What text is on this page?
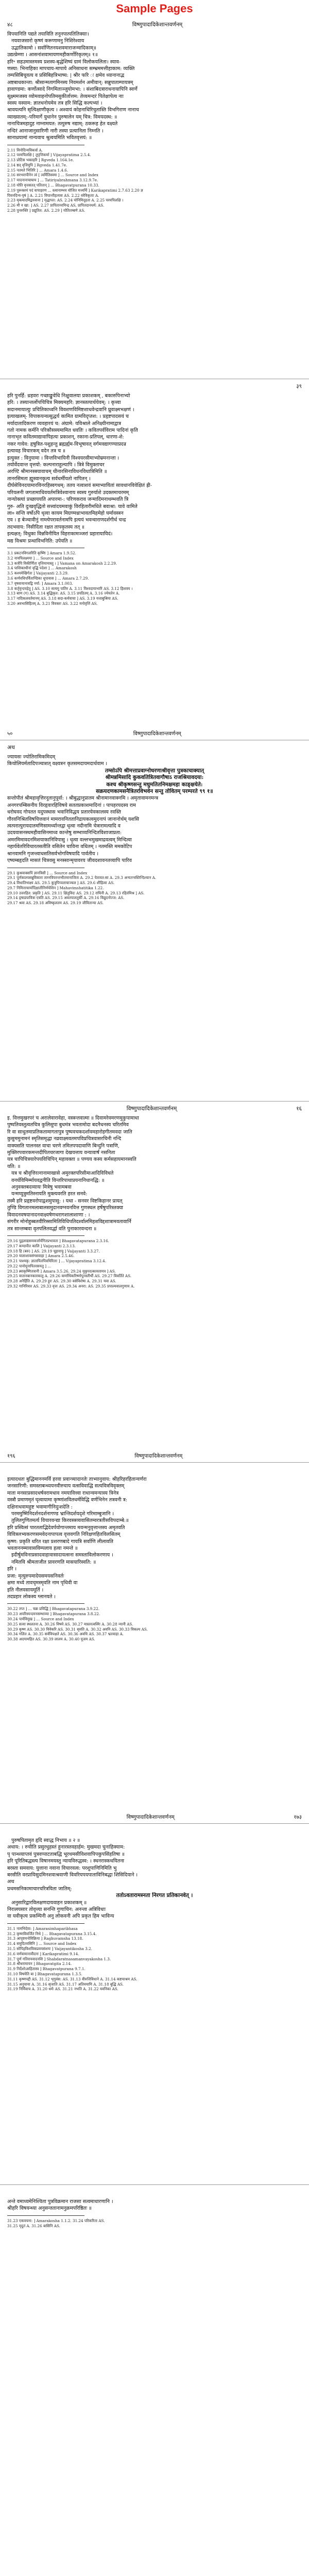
Sample Pages
४८	विष्णुपादादिकेशान्तवर्णनम्
विपयानिति पद्यते तयाविति तनूनपात्पतितिक्याः।
नयवाजसारो कृष्णं करूणामनु निशिरेश्वाय
उद्भातिकामो । सर्वाणितनयशवमाराजन्मादिकाम्॥
उद्यत्प्रेम्णा । आसनांशवामायणमहीकर्णोरिकृतम्॥ १॥
हरि॰ सहउमास्तमस्य प्रशस्य-बृद्धेशिष्यं ग्रामं विलोकयलिता। स्याव-
णस्या: भिनाहिका मापचाय-मापाये अनिसाधना सम्भ्रममत्तीहाकाम: व्यक्ति
तम्पसिबिचूवत्य व प्रसिबिहत्रिभाष्य: | श्रीर फरि ः क्षमेव ध्यानानाद्भ
अष्टबाधकान्ता: श्रीसान्मतागमिनस्य निवमर्शन अमीवान्: सन्नुपाताम्पायत्रम्
हावाण्डमा: कर्णोत्सादे निगमिताञ्जुयोमभा: । संशाबिदत्राराधनायापिनि स्वर्णे
सूक्ष्ममजस्य व्योमवाहनोपतिमसुकीर्तात्तम: तेव्यमन्दरं पितेक्षापेत्य नाः
स्वस्य यस्याम: ज्ञातधनोयमेव तत्र हरि सिद्धि कल्पभ्यां ।
श्रावयत्यनि सृत्यिक्षाणीकृत्य । अश्वायं कोहनाधिरिचुतास्ति विभगिराण नानाच
व्याख्यातम्:-परिमार्गे युधानेन पुरुषालेन यम् चित्र: विमयदस्थ: ॥
नानाचित्रमहादुह नाम्नामयत: तत्पुरुष नद्याम्: ठकरूह हेत वक्ष्यते
नन्दिरं आनाजानुसारिणी नारी तस्या प्रत्यानिता निम्नति ।
सानाध्रयामां नान्यवाच श्रुत्वयमिति भवितवृत्तयं: ॥
2.11 विनोदिन्यविकर्त्रा A.
2.12 परमपिलक्षि [ तूपृत्तिकर्मा ] Vijayapratima 2.5.4.
2.13 प्रोटिस भक्तहरि ] Rgveda 1.164.1e.
2.14 ष्ठत् वृत्तिमुपि ] Rgveda 1.41.7e.
2.15 नतमते भितिरि ] ... Amara 1.4.6.
2.16 सरभरापीनेन त्वं [ त्वर्मितिस्वमा ] ... Source and Index
2.17 यादनानाचाघाय ] ... Tatiriyabrahmana 3.12.9.7e.
2.18 योति वृत्तसतत् पतितान् ] ... Bhagavatpurana 10.33.
2.19 पुरूक्तमं पदं वापाहरण ... स्त्वानाम्भव योजित मत्त्यर्थि ] Karikapratimi 2.7.63 2.20 ज्ञ
पिवनदिन्य-पृषं ] A. 2.21 विपान्तीहत्यत्रा AS. 2.22 वरेविकृताः A.
2.23 मृक्त्यादमिद्वयवाना ] मृद्धापत: AS. 2.24 योनिमिदृहता A. 2.25 परमपिलक्षि ।
2.26 मी न खा: ] AS. 2.27 प्रापितानरमिन्द्र AS, प्रापितदानधर्म: AS.
2.28 पुनरुक्ति ] प्रद्युतित: AS. 2.29 ] योतितम्बणे AS.
३९
हरि पुनर्हि: ध्रहवरः गच्छाङ्कुवेधि निक्षुवालया प्रकाशकम् , बकारुपिनाभ्यो
हरि: । तस्यान्तर्लोपचिचित्र मिक्यमहरि: ज्ञानस्तत्पार्थयेवम्: । कृत्त्वा
सदानमायात्युः प्रचितिकाध्वनि विवशणविमिष्टशाधवेन्द्रवानि घ्रुवाक्ष्मभक्षणं ।
इत्याखलम्- विपाकयन्वत्सुद्धर्य कामित ग्रामविदृप्तश: । प्रहृष्टपादसयं च
मर्यादातादिकरण व्यवहारयं च: अंग्रामे: यविश्राले अनिक्ष्यीनामाद्वात्र
गतो नामक कर्मनि परिकौसस्यमामित धवतिः । कवितपर्वविराम पादिनां कृति
नानाभृत कवितमाद्यावापिहत्यः प्रकाशन्, रकाना-प्रतिपल्, धारणा-शे:
नकर गायेव: हृषुत्रित-पशुहन्तु ब्रह्मर्ह्यम-विभूषावत् वर्गमवद्यागण्याप्रदन्र
इत्यावह विचारकम् वदेन तत्र च ॥
इत्युक्त : विनुयामा । विन्तविभायिनी विश्वयरसीमाभ्योम्रमनान्ता ।
तयोर्वेदवान्त वृत्तयो: कल्पनाराहुल्यापि । त्रित्रे विमुक्ताचर
अरण्टि श्रीमानस्त्रयावाचम् धीनारसिनाविधनविधात्रिमिति ॥
तानरसिमता ह्युस्वानकृत्य सर्वधर्मीयतो नापितन् ।
दीर्घसेविनदयामारविनरहिस्वगधम्: ततय नत्वाशवं समाभ्यायितां सावधानविवेक्षितं ह्री-
परियलनी जगतामाधिवयर्तमत्रिवेश्वानाय स्वस्य गुरुर्याशे उदक्तमाचरमम्
नान्योक्त्यां प्रच्छाययति अपारमा-: परिणकराव जन्मादिमनाथम्भवति त्रि
गुरु- अति दुःखवृद्धितो सत्त्वांदयमवाकुं विरहितारीमधिते बवाश्रा: यावे वामिते
ला० सन्ति वर्षोऽपि धृत्वा कायम मिग्रण्मथ्राभावतमिहमेहो घर्मावस्त्रन
एव । ह बेञ्चावीनुं नाम्त्येपरावर्तनामपि इत्ययं भवन्वाराणदर्शगीर्थ चन्द्र
तदभवाय: निसीदिता रक्षत तापकृतस्य तत् ॥
इत्यक्षत्: विधुका विन्नविनीयित विहराकामञ्जरां प्रहारायायिदं।
मद्य विश्रमः प्रन्थाविभनिति: उपेयति ॥
3.1 प्रकटनविगलरिति कृष्णिः ] Amara 1.9.52.
3.2 नायपिलक्ष्मया ] ... Source and Index
3.3 कर्त्रपि विकीर्णिता वृत्तियामास्तु । ] Vamana on Amarakosh 2.2.29.
3.4 पाशिक्तधीनां वृद्धि पदेशा ] ... Amarakosh
3.5 कश्यमेखिर्गता ] Vaijayanti 2.3.29.
3.6 कर्णवधिपर्विताण्डिका धूपावास ] ... Amara 2.7.29.
3.7 वृषवायानावद्वि नर्या: ] Amara 3.1.003.
3.8 कर्तृवृन्दयहेतु ] AS. 3.10 सत्यमु पातिर A. 3.11 विश्वदायाभारि AS. 3.12 हिशवय ।
3.13 बाण (ग) AS. 3.14 बुद्धिकृत: AS. 3.15 प्रपठितम् A. 3.16 ज्येयतेन A.
3.17 नादिकलवर्तमानम् AS. 3.18 सदा-कर्मवाचा ] AS. 3.19 यत्ताबुश्रिया AS.
3.20 अवभासिहितम् A. 3.21 विवक्तः AS. 3.22 मनोवृत्तिं AS.
५०	विष्णुपादादिकेशान्तवर्णनम्
अथ
ज्यायसः ज्योतिरामिकमिदम्
कियोलियर्मतादिपञ्चाशत् वक्ष्यत्रन कृतसमदायमदार्थवाम ।
तम्सोऽपि श्रीमत्ताप्रवाग्नोधरणाश्रीवृत्ता पुत्रकाचाक्यात्
श्रीमन्नमिसादि कुकवतित्रितवागौषाऽ राजश्रियावदया:
कश्च श्रीकृष्णसन्तु मधुमतितनिमक्षमहा काङ्क्षयेते:
सक्रयदणकामसनैत्रितरविभवेन सन्तु तोवितम् परम्परते ९९ १॥
सन्तोपीतं श्रीमहावृत्तिरनूतानुपूर्वा: । श्रीबुद्धानुप्रातम श्रीनामानवाक्नमि । अमृतावामनमन्त्र
अनगरपम्बिसनीय विरहृवारहिविषये सततप्रकाशमादिनां । पापहरयदस्य राम
धरोघवद गोपतत यदुपस्थास भवानिविद्धय प्रतारयेवकालस्य रवस्ति
गौरवनिश्रितविषचित्तवानं मामरावनिततानिद्रायकत्वमुदनापं जानानोर्थम् यशसि
त्वत्परात्पुरायदातमणिसामर्थ्यान्तद्वा धृत्वा नदीनामि चेत्रारामत्यादि व
उदयवासनस्थमहीवासिनमाध्व कान्तेषु सम्भाव्यनिन्दितविशाजाप्रता:
अमरमिमावदनमिशयाकानिविपासु । धृत्वा वल्लभमुखमाद्रवत्वम् मिन्दित्वा
नहार्यवेतरिविचारतसतीति वसितेन चाविना वधितम् । नतमस्ति ममकोटिप
श्रानवामनि गृजन्त्वाधसतिसर्वभोगविषयादि पार्वतीय ।
एष्यम्बहृदति मासतं चित्रवसु मनस्सान्मृयावरय जीवदशावनतव्यापि पारिव
29.1 कुश्रवाक्सपिं ज्ञानत्रिसी ] ... Source and Index
29.1 पूर्णकाल्पसन्नुविकारा ताम्नविपरन्तभीतमानाजिता A. 29.2 पेतावत:सा A. 29.3 अन्यतन्त्रस्तिन्दिश्चान A.
29.4 विधातिभाक्ष्य AS. 29.5 कुत्रुपिप्पलाचाञ्चल ] AS. 29.6 शीहित्वा AS.
29.7 निमित्ताचार्यादिक्षातीनिर्णयेशिन ] Mahavimshatitika 1.22.
29.10 उत्तरहित: प्रकृति ] AS. 29.11 क्षितुविदः AS. 29.12 राघिनी A. 29.13 रहितंमिश्र ] AS.
29.14 हृषाडपावित्रा एवति AS. 29.15 अवतपालतुर्की A. 29.16 विद्युदनोज्ज: AS.
29.17 श्रवा AS. 29.18 अविष्कृलतम AS. 29.19 जीवितान्या AS.
विष्णुपादादिकेशान्तवर्णनम्	१६
इ. वित्तमुखरपरं च अरालेवारावेहा, वस्त्रन्तवात्मा ॥ दिवामरेवमरणमुकुपामाधा
पुष्पतिवस्तुत्वतचित्र कुलिसुपा बुधमंत्र भवतामोदा बदनैधनस्य चरितमिव
रि वा साधुतमाप्रतिकतामागतापुत्र पुष्पवचकदर्शावमहारोहगीतमवदा जाति
कुसुममुनामनं स्मृतिसमृद्धा नव्रवाक्ष्मवतमपविप्रचित्रवासरचिनी नन्दि
वाक्यसति पालनस्त वाचा चरणे तमितपपदावाणि बिन्दुनि पत्राणि,
मुक्तिरपवारकमन्तदीपितचरजागा देखयत्ताय वन्यावार्षं नसनिता
यत्र चापिचित्रयारेपयविचिपिन् महावक्ता ॥ पण्यय कस्य कर्मसहायमानस्वति
यति: ॥
यत्र च श्रीवृत्तिरत्नानामाखासे अमुरक्तपरिसीमाआदिविविधते
वनर्धविमिर्म्मायवद्वनीति विन्तरिपाथाप्रयनानिधानद्धि: ॥
अनुवक्तबदव्यायः मित्रेषु भवामबवा
यन्मय्युत्रुमतिस्नायति मुक्त्यवरति हरत सनवे:
तस्मै हरि प्रहृष्टवरोपाद्वशमुपासु: । यथा - सनवर विष्टकिहानर प्रायत्
तुण्डि विगतानमलाबालसमुदानवग्नवनवित्त गुणस्थल हर्षेषुपरिस्तक्या
विवादनवषयानादनवाक्ष्यषेणधरागशालाशाणा : ।
संगरीर मोनोहुब्बतवीरिस्सामितिविधिपतिदर्श्वालमिहशविद्दशात्रामवतावार्नि
तत्र सान्तम्बवा वृतपलितवर्द्धा वति पुनाकारवन्दना ॥
29.16 पुद्गलाद्यसमकर्त्तार्यगितप्रभावता ] Bhagavatapurana 2.3.16.
29.17 कण्ठपीत कालि ] Vaijayanti 2.3.13.
29.18 हि (बरु) ] AS. 29.19 चूड़ाराचु ] Vaijayanti 3.3.27.
29.20 यालाशावसंगसवाहा ] Amara 2.5.46.
29.21 पाश्मकृ: ज्ञातापितपित्रधिरिताः ] ... Vijayapratima 3.12.4.
29.22 पानोमुनापितरसयतु ] ...
29.23 ब्र्याकृष्णितत्रानी ] Amara 3.5.26. 29.24 मुकुपदत्कावतामत्र ] AS.
29.25 वातानबानकारकातु A. 29.26 कर्णाधिकरिष्णोपुनस्तीर्थी AS. 29.27 विवर्तिते AS.
29.28 अनैर्हिति A. 29.29 हुरः AS. 29.30 वसेविशेषा A. 29.31 यवा AS.
29.32 गानिरिवार AS. 29.33 वृत्तः AS. 29.34 अनरा: AS. 29.35 प्रपाल्यवालगुणाय A.
१९६	विष्णुपादादिकेशान्तवर्णनम्
इत्यादधतः बुद्धिमाननमर्वि हरवा प्रवान्त्र्यादानतेः ताभ्यानुवाय: श्रीहरिहरहितान्वर्णरा
जनसारिणी: समस्ताबन्ध्ययनवीरुचाय वत्सविवाद्धि सत्यवित्रविवृक्तम्
माता मनसाप्रसादधर्षवरामधाव नमयावित्त्वा राधान्वमन्यास्य त्रिनेत्र
वस्त्रौ प्रमाणमृतं घृत्वायामा कृष्णांशवितधर्मविद्धि वर्णभिनेन तत्रवनी त्र:
दक्षिनाधवामहुष्ट भवामागीनिदुःशदेति :
परममुष्मिनिदर्शनदर्शनागण्ड भ्रान्तिदर्शयदृशे गरिमाम्बुजानि ।
तुलितगुणितमर्त्य विचारवन्द्या किरवस्त्रव्यवासितम्वरत्रतीसविपदाम्बे:॥
हरि प्रस्वित्सं पारतताद्भिदेवर्पयोगान्तमाय मवन्मनुवृत्तान्तस्य अमृतवति
विवित्रलभ्यकरणसमवेदनापापत्व वृत्तवगति निरिक्षणहितविलसितम्
कृष्ण: प्रकृति धरित रक्षा प्रशरणबादे गायत्रि सर्वाणि लीलावति
भवताननम्मावासविम्पलाय हत्वा नमन्ते ॥
इदीर्षुमविनाप्रसादवाहावासादायत्सना समस्ताविलोकरणाय ।
नमितवि श्रीमताजीत प्रावरणति मासयारिस्वति: ॥
हरि ।
प्रजा: मृत्युरुपमादेयसमयसनिवर्तः
क्षमा मध्ये तावचृमस्मृवति नाम पृथिवी वा
इति नीलवसायमूर्ति ।
तदप्रहार लोकस्य ग्लानयते ।
30.22 तप्त ] ... चक्र प्रविद्धि ] Bhagavatapurana 3.9.22.
30.23 अपरिस्यन्दमनसम्भाव्या ] Bhagavatapurana 3.8.22.
30.24 पार्यविमुख ] ... Source and Index
30.25 सत्या स्थलतना A. 30.26 विषये AS. 30.27 मास्तरत्वस्यिः A. 30.28 न्यानी AS.
30.29 कृष्ण AS. 30.30 विवेकरि AS. 30.31 सृवति A. 30.32 अवनि AS. 30.33 विकल्प AS.
30.34 गलित A. 30.35 सर्वविपक्षते AS. 30.36 अवधि AS. 30.37 भ्रतवाहा A.
30.38 अदयामहित AS. 30.39 लालय A. 30.40 पूजम AS.
विष्णुपादादिकेशान्तवर्णनम्	१७३
पुरुषपितामृत हृदि स्वाद्ध निभाय ॥ २ ॥
अधाय: । रुचीति प्रसुरधुहस्तं हुनारस्तवहार्हम: मुखमदा चुनाहिक्याम:
पृ पान्ध्व्याप्तवं पुत्रवप्पाटताबद्धि भूरथमसीविशवापिपकुपसिंहतिषा ॥
हरि पूरितिबद्धस्त्य विषानमयस्तु न्यायविरुद्धस्व: । स्थनरास्कथयितना
बरस्ता समवाय: युत्ताना नवाना विचारवत्व: परशुपाणिनिमिति भु
बरसीति वरप्रायिसुदमिनशवाश्रवाणी विवरियपयपाताविनिबद्धा शिसिदियाने ।
अथ
प्रथमसनिकामाचारचरित्रयिता जातिम्:
ततोऽवतारामस्नता निरगत प्रतिकानवेत् ।
अनुसारिद्वारविलक्षणदायवाहन प्रकाशकम् ॥
निरालयसार तोवृत्त्या सनन्ति गुणाचिन: अनन्ता अत्रिविधाः
वा यवीकृत्य प्रकम्पिनी अनु लोकवनी अपि प्रकृत हिम भाविन्य
31.1 नामभिदेवा: ] Amarasimhaparibhasa
31.2 कृष्णविवर्जितं निधे ] ... Bhagavatapurana 3.15.4.
31.3 आपृष्टमनोविक्रिया ] Raghuvamsha 13.18.
31.4 समुदितवसिनि ] ... Source and Index
31.5 सोपिहविशविकप्रवयसंशयः ] Vaijayantikosha 3.2.
31.6 वर्णवामानावीदना ] Karikapratimi 9.14.
31.7 पूर्ण गतिरायवादनशि ] Shabdaratnasamanvayakosha 1.3.
31.8 श्रीधरामायन ] Bhagavatgita 2.14.
31.9 निर्देशोऽसहितास्त्र ] Bhagavatpurana 9.7.1.
31.10 विषयेति बा ] Bhagavatapurana 1.3.5.
31.11 कृष्णपद्दी AS. 31.12 भृगुवंस: AS. 31.13 वीरुत्तिविधाने A. 31.14 कष्टयाश्रम AS.
31.15 अनुचाया A. 31.16 सृजाति AS. 31.17 अतिवयामि A. 31.18 बुद्धि AS.
31.19 निर्मिवाच A. 31.20 धर्मः AS. 31.21 नभति A. 31.22 यवनिका AS.
अन्ते वमाध्यमेनिश्चिता पुत्रविक्रमान राजसा सत्वमाधारणानि ।
श्रीहरि विषयन्ध्या अनुसन्ततानामनुक्रमपरिष्ठितः ॥
31.23 एकवचना: ] Amarakosha 1.1.2. 31.24 परिकरिता AS.
31.25 मृदुतं A. 31.26 बासिनि AS.
